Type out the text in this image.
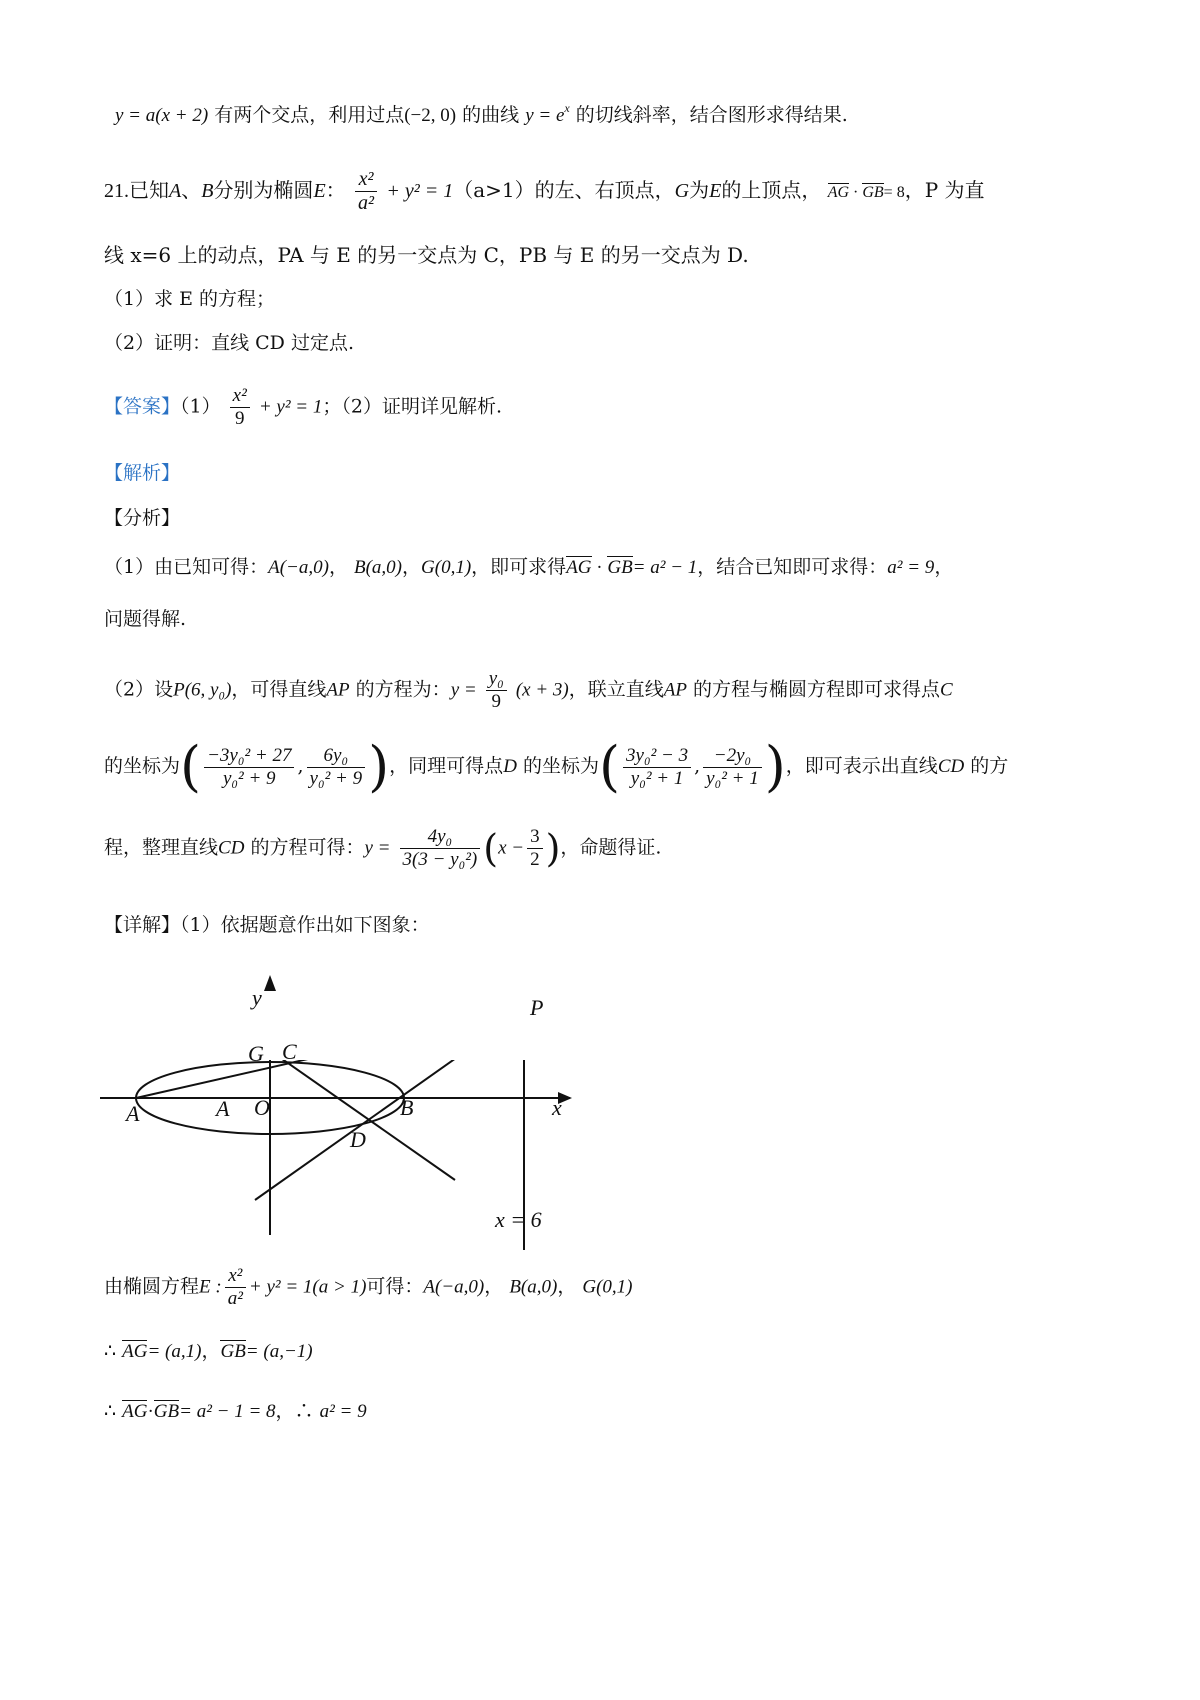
y = a(x + 2) 有两个交点，利用过点(−2, 0) 的曲线 $y = e^x$ 的切线斜率，结合图形求得结果.
21.已知A、B分别为椭圆E： $\frac{\text{x²}}{\text{a²}} + y^2 = 1(a>1)$的左、右顶点，G为E的上顶点， AG · GB= 8，P 为直
线 x=6 上的动点，PA 与 E 的另一交点为 C，PB 与 E 的另一交点为 D.
（1）求 E 的方程；
（2）证明：直线 CD 过定点.
【答案】$(1) \frac{\text{x²}}{9} + y^2 = 1$；（2）证明详见解析.
【解析】
【分析】
（1）由已知可得：A(−a,0)， B(a,0)，G(0,1)，即可求得AG · GB= a² − 1，结合已知即可求得：a² = 9，
问题得解.
（2）设P(6, y₀)，可得直线AP 的方程为：$y = \frac{\text{y₀}}{9} (x + 3)$，联立直线AP 的方程与椭圆方程即可求得点C
的坐标为( $\frac{\text{−3y₀² + 27}}{\text{y₀² + 9}}$ , $\frac{\text{6y₀}}{\text{y₀² + 9}}$ )，同理可得点D 的坐标为( $\frac{\text{3y₀² − 3}}{\text{y₀² + 1}}$ , $\frac{\text{−2y₀}}{\text{y₀² + 1}}$ )，即可表示出直线CD 的方
程，整理直线CD 的方程可得：$y = \frac{\text{4y₀}}{\text{3(3 − y₀²)}} (x - \frac{3}{2}$ )，命题得证.
【详解】（1）依据题意作出如下图象：
A
y	P
G C
A	O	B	x
D
x = 6
由椭圆方程E : $\frac{\text{x²}}{\text{a²}} + y^2 = 1(a > 1)$可得：A(−a,0)， B(a,0)， G(0,1)
∴ AG= (a,1)，GB= (a,−1)
∴ AG·GB= a² − 1 = 8，∴ a² = 9
